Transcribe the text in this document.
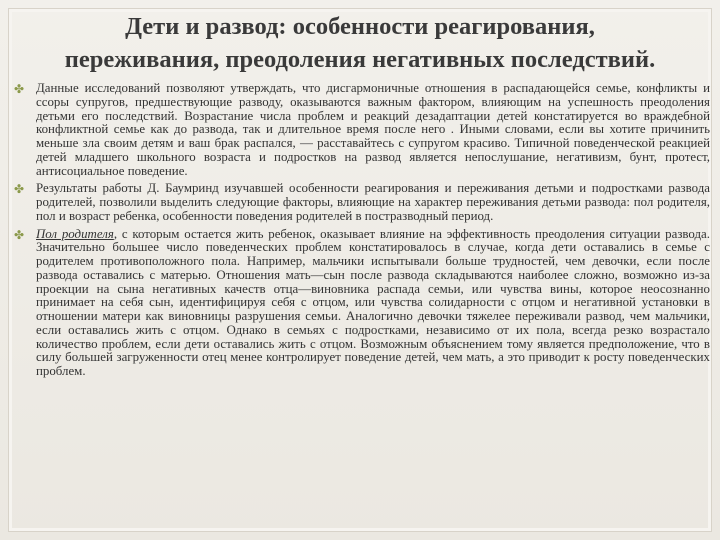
Дети и развод: особенности реагирования,
переживания, преодоления негативных последствий.
✤ Данные исследований позволяют утверждать, что дисгармоничные отношения в распадающейся семье, конфликты и ссоры супругов, предшествующие разводу, оказываются важным фактором, влияющим на успешность преодоления детьми его последствий. Возрастание числа проблем и реакций дезадаптации детей констатируется во враждебной конфликтной семье как до развода, так и длительное время после него . Иными словами, если вы хотите причинить меньше зла своим детям и ваш брак распался, — расставайтесь с супругом красиво. Типичной поведенческой реакцией детей младшего школьного возраста и подростков на развод является непослушание, негативизм, бунт, протест, антисоциальное поведение.
✤ Результаты работы Д. Баумринд изучавшей особенности реагирования и переживания детьми и подростками развода родителей, позволили выделить следующие факторы, влияющие на характер переживания детьми развода: пол родителя, пол и возраст ребенка, особенности поведения родителей в постразводный период.
✤ Пол родителя, с которым остается жить ребенок, оказывает влияние на эффективность преодоления ситуации развода. Значительно большее число поведенческих проблем констатировалось в случае, когда дети оставались в семье с родителем противоположного пола. Например, мальчики испытывали больше трудностей, чем девочки, если после развода оставались с матерью. Отношения мать—сын после развода складываются наиболее сложно, возможно из-за проекции на сына негативных качеств отца—виновника распада семьи, или чувства вины, которое неосознанно принимает на себя сын, идентифицируя себя с отцом, или чувства солидарности с отцом и негативной установки в отношении матери как виновницы разрушения семьи. Аналогично девочки тяжелее переживали развод, чем мальчики, если оставались жить с отцом. Однако в семьях с подростками, независимо от их пола, всегда резко возрастало количество проблем, если дети оставались жить с отцом. Возможным объяснением тому является предположение, что в силу большей загруженности отец менее контролирует поведение детей, чем мать, а это приводит к росту поведенческих проблем.
